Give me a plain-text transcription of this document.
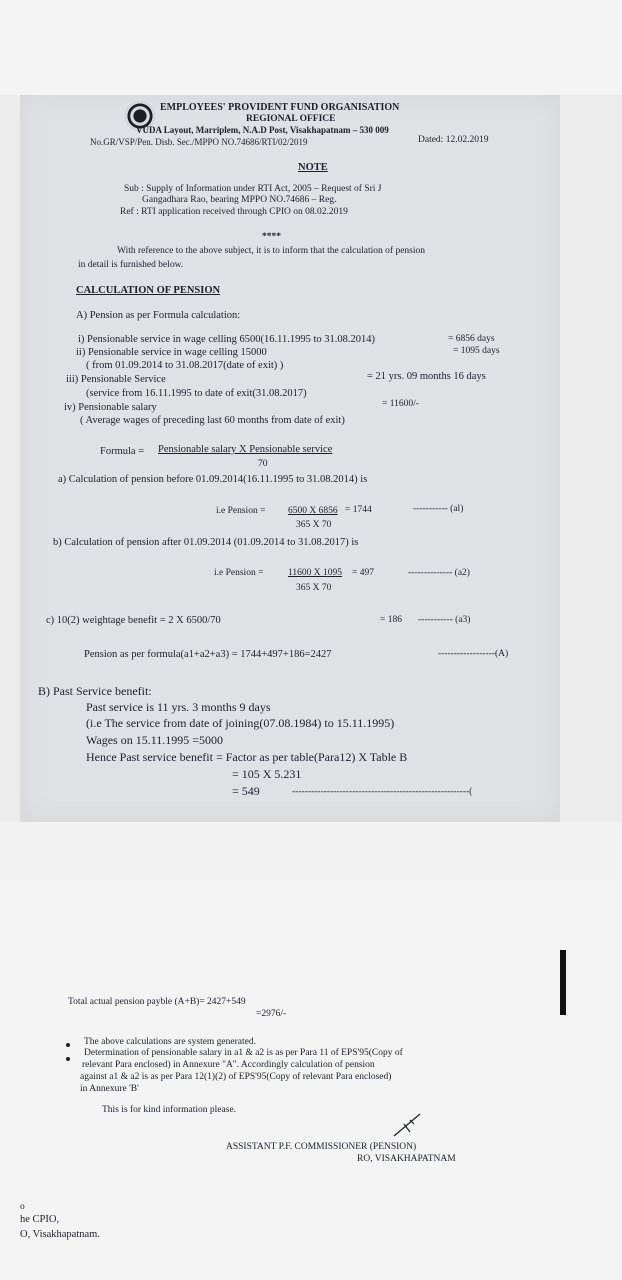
EMPLOYEES' PROVIDENT FUND ORGANISATION
REGIONAL OFFICE
VUDA Layout, Marriplem, N.A.D Post, Visakhapatnam – 530 009
No.GR/VSP/Pen. Disb. Sec./MPPO NO.74686/RTI/02/2019	Dated: 12.02.2019
NOTE
Sub : Supply of Information under RTI Act, 2005 – Request of Sri J
Gangadhara Rao, bearing MPPO NO.74686 – Reg.
Ref : RTI application received through CPIO on 08.02.2019
****
With reference to the above subject, it is to inform that the calculation of pension
in detail is furnished below.
CALCULATION OF PENSION
A) Pension as per Formula calculation:
i) Pensionable service in wage celling 6500(16.11.1995 to 31.08.2014)	= 6856 days
ii) Pensionable service in wage celling 15000	= 1095 days
( from 01.09.2014 to 31.08.2017(date of exit) )
iii) Pensionable Service	= 21 yrs. 09 months 16 days
(service from 16.11.1995 to date of exit(31.08.2017)
iv) Pensionable salary	= 11600/-
( Average wages of preceding last 60 months from date of exit)
Formula = Pensionable salary X Pensionable service
70
a) Calculation of pension before 01.09.2014(16.11.1995 to 31.08.2014) is
i.e Pension = 6500 X 6856 = 1744	----------- (al)
365 X 70
b) Calculation of pension after 01.09.2014 (01.09.2014 to 31.08.2017) is
i.e Pension =	11600 X 1095 = 497	-------------- (a2)
365 X 70
c) 10(2) weightage benefit = 2 X 6500/70	= 186 ----------- (a3)
Pension as per formula(a1+a2+a3) = 1744+497+186=2427	------------------(A)
B) Past Service benefit:
Past service is 11 yrs. 3 months 9 days
(i.e The service from date of joining(07.08.1984) to 15.11.1995)
Wages on 15.11.1995 =5000
Hence Past service benefit = Factor as per table(Para12) X Table B
= 105 X 5.231
= 549	--------------------------------------------------------(
Total actual pension payble (A+B)= 2427+549
=2976/-
The above calculations are system generated.
Determination of pensionable salary in a1 & a2 is as per Para 11 of EPS'95(Copy of
relevant Para enclosed) in Annexure "A". Accordingly calculation of pension
against a1 & a2 is as per Para 12(1)(2) of EPS'95(Copy of relevant Para enclosed)
in Annexure 'B'
This is for kind information please.
ASSISTANT P.F. COMMISSIONER (PENSION)
RO, VISAKHAPATNAM
o
he CPIO,
O, Visakhapatnam.
